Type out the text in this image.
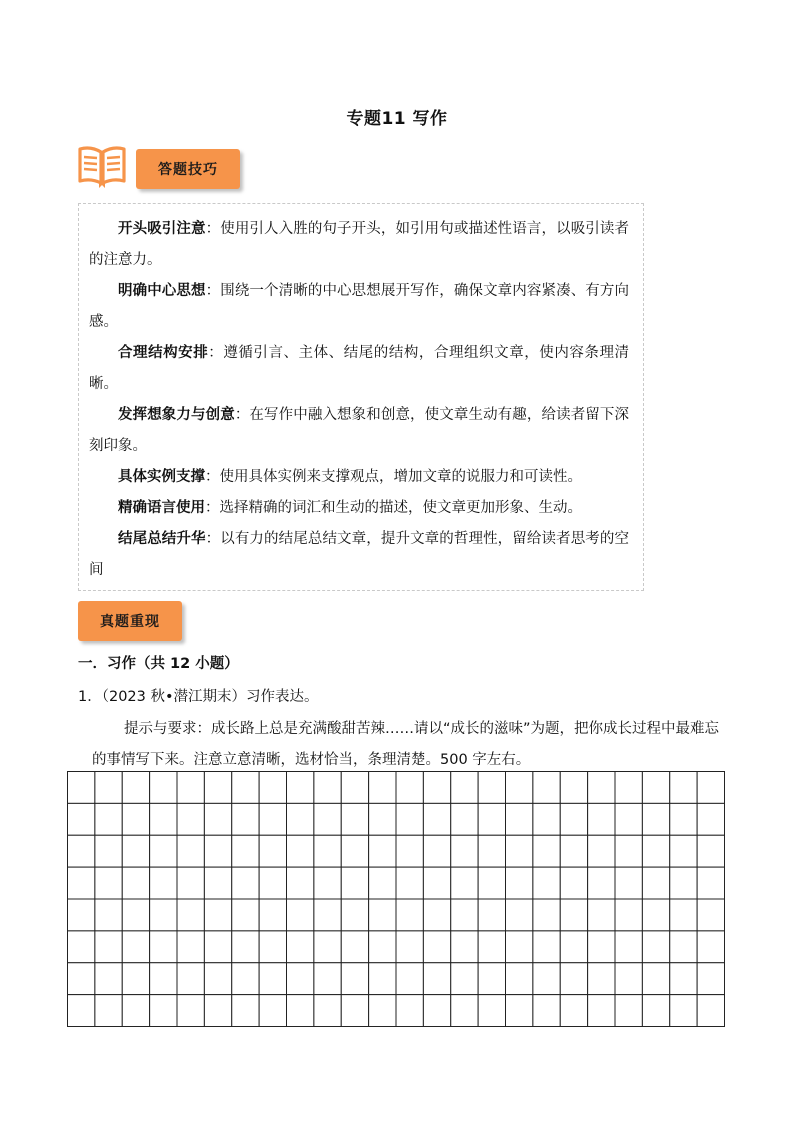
专题11 写作
答题技巧

开头吸引注意：使用引人入胜的句子开头，如引用句或描述性语言，以吸引读者的注意力。

明确中心思想：围绕一个清晰的中心思想展开写作，确保文章内容紧凑、有方向感。

合理结构安排：遵循引言、主体、结尾的结构，合理组织文章，使内容条理清晰。

发挥想象力与创意：在写作中融入想象和创意，使文章生动有趣，给读者留下深刻印象。

具体实例支撑：使用具体实例来支撑观点，增加文章的说服力和可读性。

精确语言使用：选择精确的词汇和生动的描述，使文章更加形象、生动。

结尾总结升华：以有力的结尾总结文章，提升文章的哲理性，留给读者思考的空间

真题重现
一．习作（共 12 小题）
1．（2023 秋•潜江期末）习作表达。

提示与要求：成长路上总是充满酸甜苦辣……请以“成长的滋味”为题，把你成长过程中最难忘的事情写下来。注意立意清晰，选材恰当，条理清楚。500 字左右。
